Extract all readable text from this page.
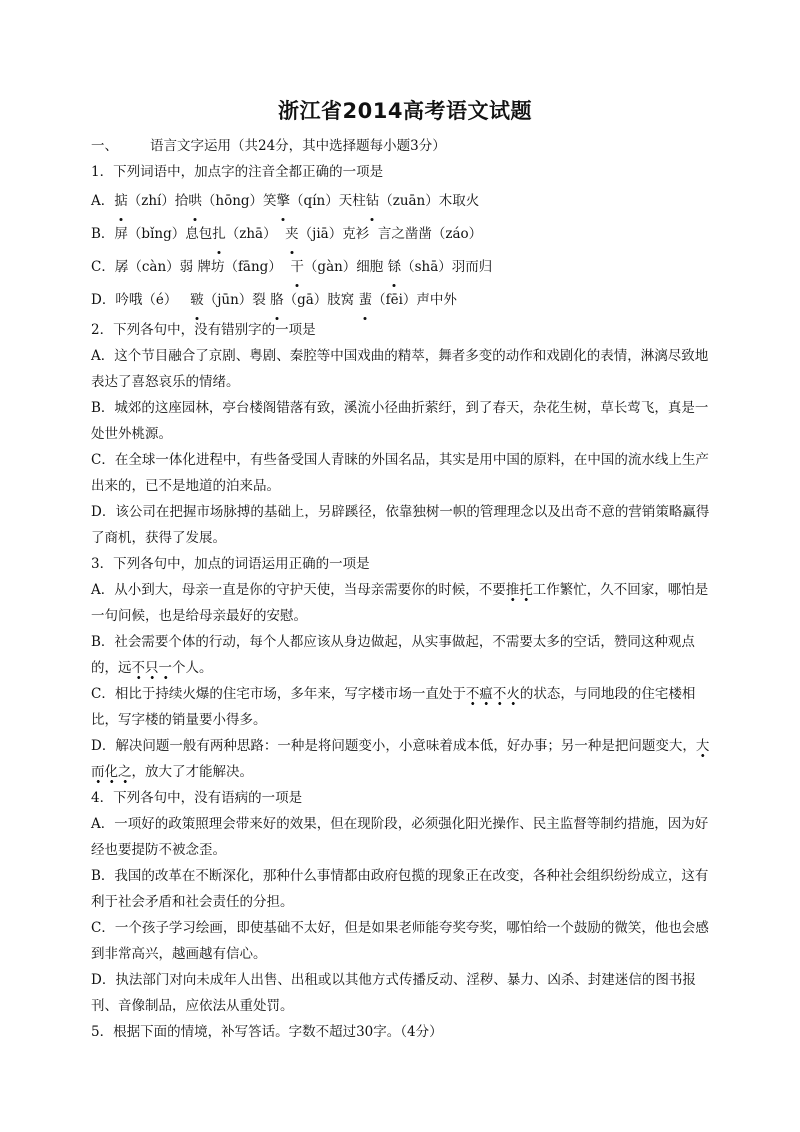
浙江省2014高考语文试题
一、 语言文字运用（共24分，其中选择题每小题3分）
1．下列词语中，加点字的注音全都正确的一项是
A．掂（zhí）拾哄（hōng）笑擎（qín）天柱钻（zuān）木取火
B．屏（bǐng）息包扎（zhā） 夹（jiā）克衫 言之凿凿（záo）
C．孱（càn）弱 牌坊（fāng） 干（gàn）细胞 铩（shā）羽而归
D．吟哦（é） 皲（jūn）裂 胳（gā）肢窝 蜚（fēi）声中外
2．下列各句中，没有错别字的一项是
A．这个节目融合了京剧、粤剧、秦腔等中国戏曲的精萃，舞者多变的动作和戏剧化的表情，淋漓尽致地表达了喜怒哀乐的情绪。
B．城郊的这座园林，亭台楼阁错落有致，溪流小径曲折萦纡，到了春天，杂花生树，草长莺飞，真是一处世外桃源。
C．在全球一体化进程中，有些备受国人青睐的外国名品，其实是用中国的原料，在中国的流水线上生产出来的，已不是地道的泊来品。
D．该公司在把握市场脉搏的基础上，另辟蹊径，依靠独树一帜的管理理念以及出奇不意的营销策略赢得了商机，获得了发展。
3．下列各句中，加点的词语运用正确的一项是
A．从小到大，母亲一直是你的守护天使，当母亲需要你的时候，不要推托工作繁忙，久不回家，哪怕是一句问候，也是给母亲最好的安慰。
B．社会需要个体的行动，每个人都应该从身边做起，从实事做起，不需要太多的空话，赞同这种观点的，远不只一个人。
C．相比于持续火爆的住宅市场，多年来，写字楼市场一直处于不瘟不火的状态，与同地段的住宅楼相比，写字楼的销量要小得多。
D．解决问题一般有两种思路：一种是将问题变小，小意味着成本低，好办事；另一种是把问题变大，大而化之，放大了才能解决。
4．下列各句中，没有语病的一项是
A．一项好的政策照理会带来好的效果，但在现阶段，必须强化阳光操作、民主监督等制约措施，因为好经也要提防不被念歪。
B．我国的改革在不断深化，那种什么事情都由政府包揽的现象正在改变，各种社会组织纷纷成立，这有利于社会矛盾和社会责任的分担。
C．一个孩子学习绘画，即使基础不太好，但是如果老师能夸奖夸奖，哪怕给一个鼓励的微笑，他也会感到非常高兴，越画越有信心。
D．执法部门对向未成年人出售、出租或以其他方式传播反动、淫秽、暴力、凶杀、封建迷信的图书报刊、音像制品，应依法从重处罚。
5．根据下面的情境，补写答话。字数不超过30字。（4分）
